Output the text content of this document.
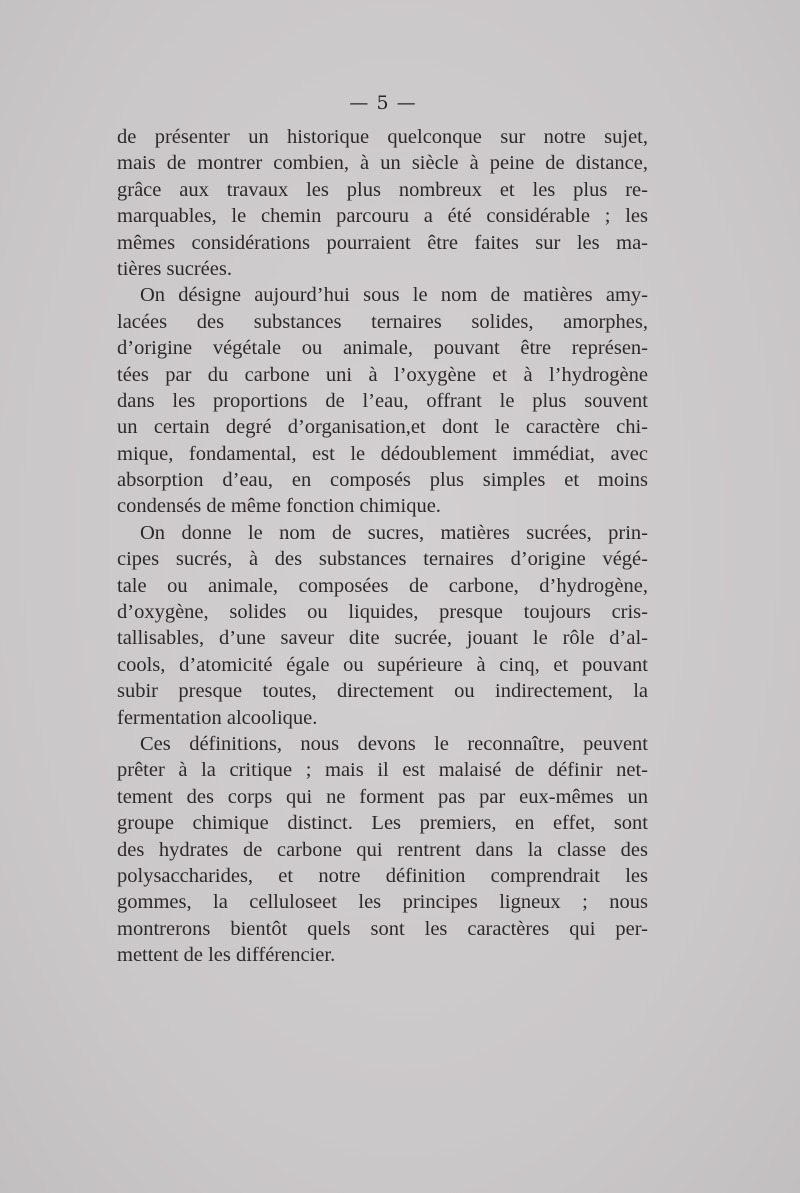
— 5 —
de présenter un historique quelconque sur notre sujet,
mais de montrer combien, à un siècle à peine de distance,
grâce aux travaux les plus nombreux et les plus re-
marquables, le chemin parcouru a été considérable ; les
mêmes considérations pourraient être faites sur les ma-
tières sucrées.
On désigne aujourd’hui sous le nom de matières amy-
lacées des substances ternaires solides, amorphes,
d’origine végétale ou animale, pouvant être représen-
tées par du carbone uni à l’oxygène et à l’hydrogène
dans les proportions de l’eau, offrant le plus souvent
un certain degré d’organisation,et dont le caractère chi-
mique, fondamental, est le dédoublement immédiat, avec
absorption d’eau, en composés plus simples et moins
condensés de même fonction chimique.
On donne le nom de sucres, matières sucrées, prin-
cipes sucrés, à des substances ternaires d’origine végé-
tale ou animale, composées de carbone, d’hydrogène,
d’oxygène, solides ou liquides, presque toujours cris-
tallisables, d’une saveur dite sucrée, jouant le rôle d’al-
cools, d’atomicité égale ou supérieure à cinq, et pouvant
subir presque toutes, directement ou indirectement, la
fermentation alcoolique.
Ces définitions, nous devons le reconnaître, peuvent
prêter à la critique ; mais il est malaisé de définir net-
tement des corps qui ne forment pas par eux-mêmes un
groupe chimique distinct. Les premiers, en effet, sont
des hydrates de carbone qui rentrent dans la classe des
polysaccharides, et notre définition comprendrait les
gommes, la celluloseet les principes ligneux ; nous
montrerons bientôt quels sont les caractères qui per-
mettent de les différencier.
